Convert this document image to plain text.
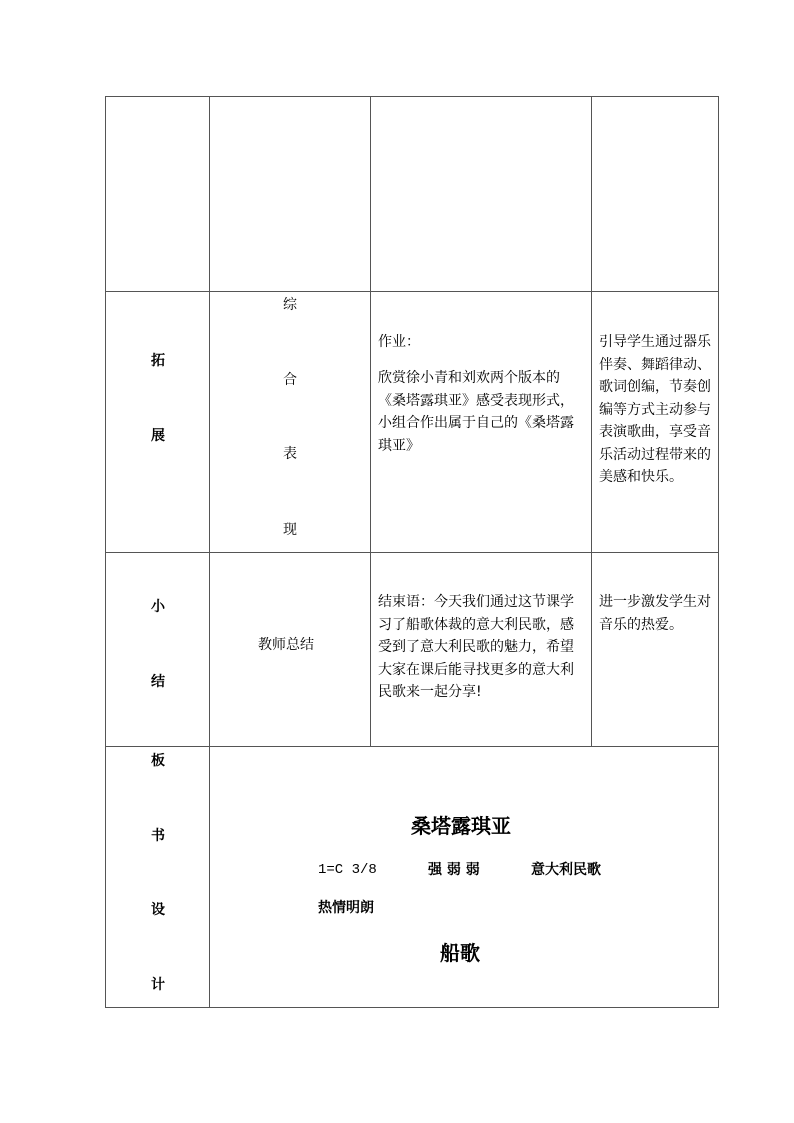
拓
展
综
合
表
现
作业：
欣赏徐小青和刘欢两个版本的《桑塔露琪亚》感受表现形式，小组合作出属于自己的《桑塔露琪亚》
引导学生通过器乐伴奏、舞蹈律动、歌词创编，节奏创编等方式主动参与表演歌曲，享受音乐活动过程带来的美感和快乐。
小
结
教师总结
结束语：今天我们通过这节课学习了船歌体裁的意大利民歌，感受到了意大利民歌的魅力，希望大家在课后能寻找更多的意大利民歌来一起分享!
进一步激发学生对音乐的热爱。
板
书
设
计
桑塔露琪亚
1=C 3/8	强 弱 弱	意大利民歌
热情明朗
船歌
